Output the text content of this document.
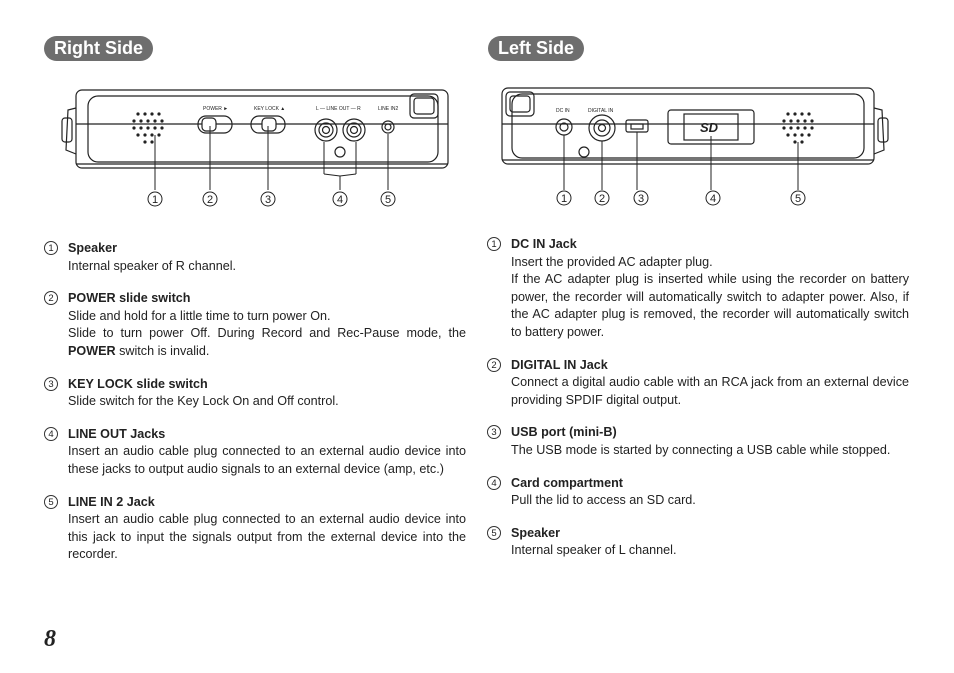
Right Side	Left Side
POWER ►	KEY LOCK ▲	L — LINE OUT — R	LINE IN2
1	2	3	4	5
SD
DC IN	DIGITAL IN
1	2	3	4	5
1	Speaker
Internal speaker of R channel.
2	POWER slide switch
Slide and hold for a little time to turn power On.
Slide to turn power Off. During Record and Rec-Pause mode, the POWER switch is invalid.
3	KEY LOCK slide switch
Slide switch for the Key Lock On and Off control.
4	LINE OUT Jacks
Insert an audio cable plug connected to an external audio device into these jacks to output audio signals to an external device (amp, etc.)
5	LINE IN 2 Jack
Insert an audio cable plug connected to an external audio device into this jack to input the signals output from the external device into the recorder.
1	DC IN Jack
Insert the provided AC adapter plug.
If the AC adapter plug is inserted while using the recorder on battery power, the recorder will automatically switch to adapter power. Also, if the AC adapter plug is removed, the recorder will automatically switch to battery power.
2	DIGITAL IN Jack
Connect a digital audio cable with an RCA jack from an external device providing SPDIF digital output.
3	USB port (mini-B)
The USB mode is started by connecting a USB cable while stopped.
4	Card compartment
Pull the lid to access an SD card.
5	Speaker
Internal speaker of L channel.
8
